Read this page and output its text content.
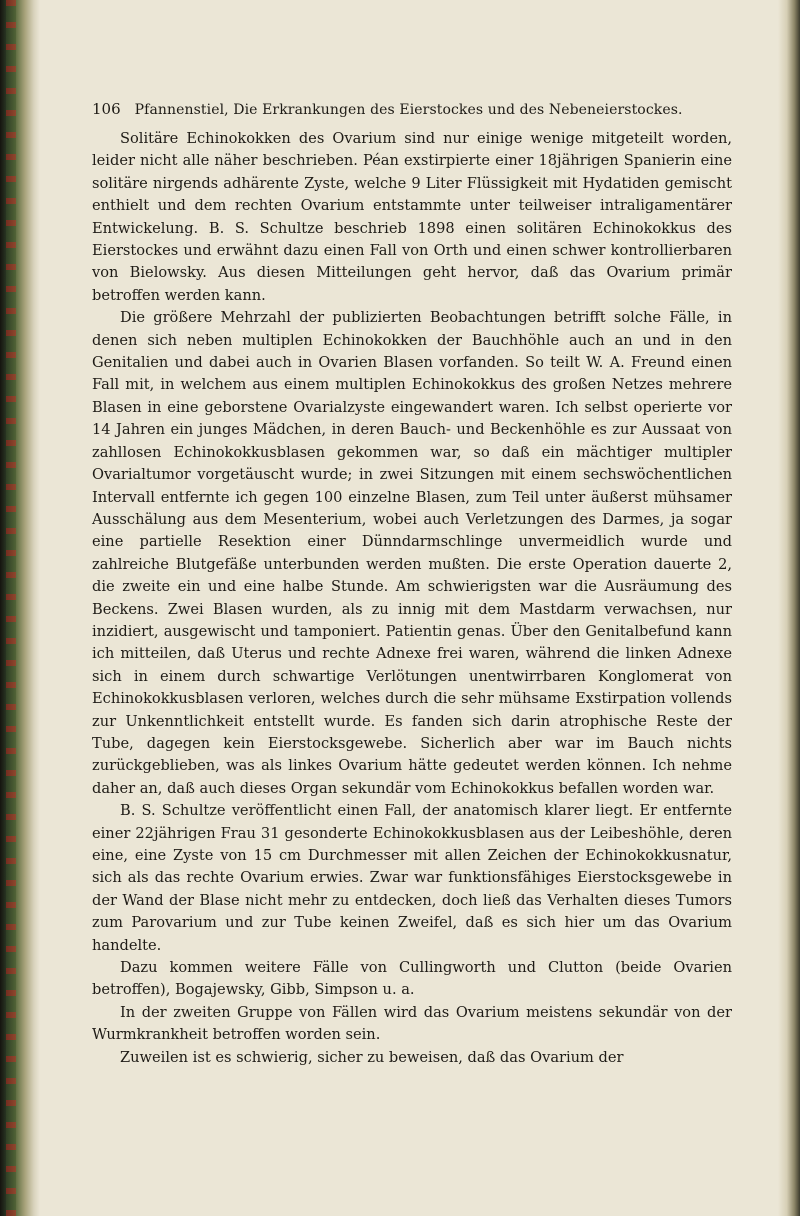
106 Pfannenstiel, Die Erkrankungen des Eierstockes und des Nebeneierstockes.

Solitäre Echinokokken des Ovarium sind nur einige wenige mitgeteilt worden, leider nicht alle näher beschrieben. Péan exstirpierte einer 18jährigen Spanierin eine solitäre nirgends adhärente Zyste, welche 9 Liter Flüssigkeit mit Hydatiden gemischt enthielt und dem rechten Ovarium entstammte unter teilweiser intraligamentärer Entwickelung. B. S. Schultze beschrieb 1898 einen solitären Echinokokkus des Eierstockes und erwähnt dazu einen Fall von Orth und einen schwer kontrollierbaren von Bielowsky. Aus diesen Mitteilungen geht hervor, daß das Ovarium primär betroffen werden kann.

Die größere Mehrzahl der publizierten Beobachtungen betrifft solche Fälle, in denen sich neben multiplen Echinokokken der Bauchhöhle auch an und in den Genitalien und dabei auch in Ovarien Blasen vorfanden. So teilt W. A. Freund einen Fall mit, in welchem aus einem multiplen Echinokokkus des großen Netzes mehrere Blasen in eine geborstene Ovarialzyste eingewandert waren. Ich selbst operierte vor 14 Jahren ein junges Mädchen, in deren Bauch- und Beckenhöhle es zur Aussaat von zahllosen Echinokokkusblasen gekommen war, so daß ein mächtiger multipler Ovarialtumor vorgetäuscht wurde; in zwei Sitzungen mit einem sechswöchentlichen Intervall entfernte ich gegen 100 einzelne Blasen, zum Teil unter äußerst mühsamer Ausschälung aus dem Mesenterium, wobei auch Verletzungen des Darmes, ja sogar eine partielle Resektion einer Dünndarmschlinge unvermeidlich wurde und zahlreiche Blutgefäße unterbunden werden mußten. Die erste Operation dauerte 2, die zweite ein und eine halbe Stunde. Am schwierigsten war die Ausräumung des Beckens. Zwei Blasen wurden, als zu innig mit dem Mastdarm verwachsen, nur inzidiert, ausgewischt und tamponiert. Patientin genas. Über den Genitalbefund kann ich mitteilen, daß Uterus und rechte Adnexe frei waren, während die linken Adnexe sich in einem durch schwartige Verlötungen unentwirrbaren Konglomerat von Echinokokkusblasen verloren, welches durch die sehr mühsame Exstirpation vollends zur Unkenntlichkeit entstellt wurde. Es fanden sich darin atrophische Reste der Tube, dagegen kein Eierstocksgewebe. Sicherlich aber war im Bauch nichts zurückgeblieben, was als linkes Ovarium hätte gedeutet werden können. Ich nehme daher an, daß auch dieses Organ sekundär vom Echinokokkus befallen worden war.

B. S. Schultze veröffentlicht einen Fall, der anatomisch klarer liegt. Er entfernte einer 22jährigen Frau 31 gesonderte Echinokokkusblasen aus der Leibeshöhle, deren eine, eine Zyste von 15 cm Durchmesser mit allen Zeichen der Echinokokkusnatur, sich als das rechte Ovarium erwies. Zwar war funktionsfähiges Eierstocksgewebe in der Wand der Blase nicht mehr zu entdecken, doch ließ das Verhalten dieses Tumors zum Parovarium und zur Tube keinen Zweifel, daß es sich hier um das Ovarium handelte.

Dazu kommen weitere Fälle von Cullingworth und Clutton (beide Ovarien betroffen), Bogajewsky, Gibb, Simpson u. a.

In der zweiten Gruppe von Fällen wird das Ovarium meistens sekundär von der Wurmkrankheit betroffen worden sein.

Zuweilen ist es schwierig, sicher zu beweisen, daß das Ovarium der
